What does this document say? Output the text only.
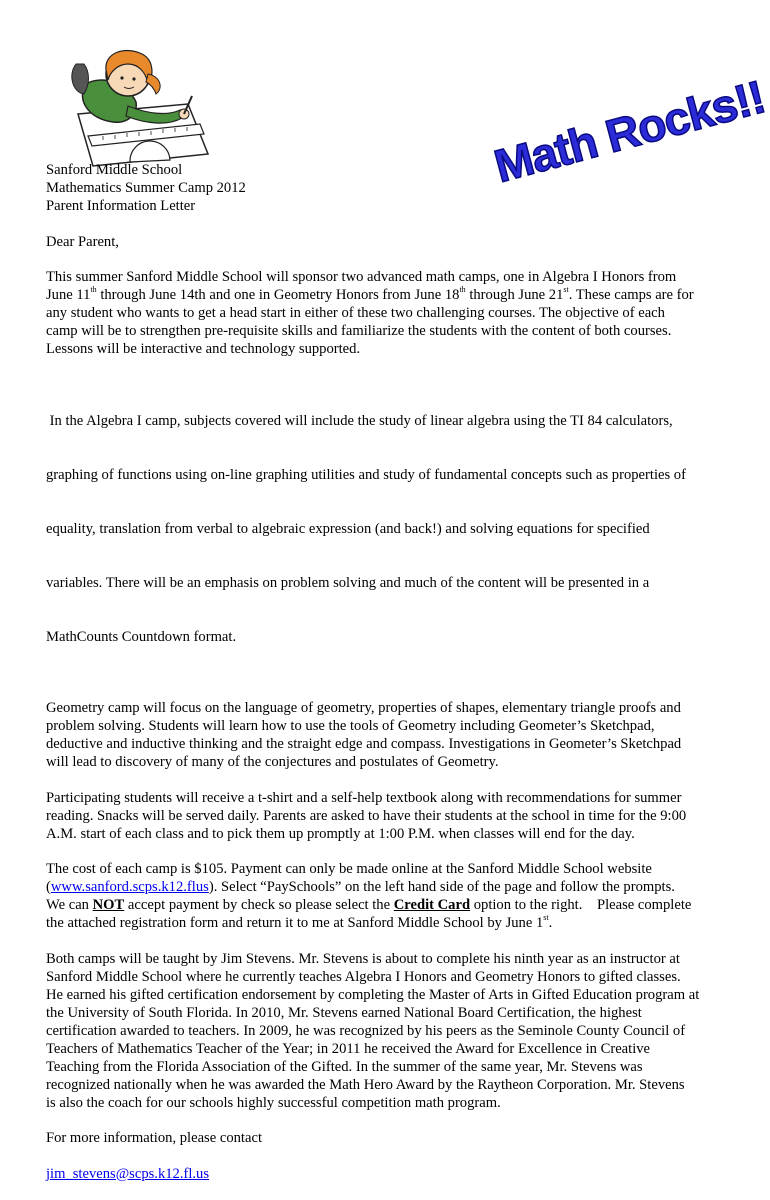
Math Rocks!!

Sanford Middle School
Mathematics Summer Camp 2012
Parent Information Letter

Dear Parent,

This summer Sanford Middle School will sponsor two advanced math camps, one in Algebra I Honors from
June 11th through June 14th and one in Geometry Honors from June 18th through June 21st. These camps are for
any student who wants to get a head start in either of these two challenging courses. The objective of each
camp will be to strengthen pre-requisite skills and familiarize the students with the content of both courses.
Lessons will be interactive and technology supported.

In the Algebra I camp, subjects covered will include the study of linear algebra using the TI 84 calculators,

graphing of functions using on-line graphing utilities and study of fundamental concepts such as properties of

equality, translation from verbal to algebraic expression (and back!) and solving equations for specified

variables. There will be an emphasis on problem solving and much of the content will be presented in a

MathCounts Countdown format.

Geometry camp will focus on the language of geometry, properties of shapes, elementary triangle proofs and
problem solving. Students will learn how to use the tools of Geometry including Geometer’s Sketchpad,
deductive and inductive thinking and the straight edge and compass. Investigations in Geometer’s Sketchpad
will lead to discovery of many of the conjectures and postulates of Geometry.

Participating students will receive a t-shirt and a self-help textbook along with recommendations for summer
reading. Snacks will be served daily. Parents are asked to have their students at the school in time for the 9:00
A.M. start of each class and to pick them up promptly at 1:00 P.M. when classes will end for the day.

The cost of each camp is $105. Payment can only be made online at the Sanford Middle School website
(www.sanford.scps.k12.flus). Select “PaySchools” on the left hand side of the page and follow the prompts.
We can NOT accept payment by check so please select the Credit Card option to the right.    Please complete
the attached registration form and return it to me at Sanford Middle School by June 1st.

Both camps will be taught by Jim Stevens. Mr. Stevens is about to complete his ninth year as an instructor at
Sanford Middle School where he currently teaches Algebra I Honors and Geometry Honors to gifted classes.
He earned his gifted certification endorsement by completing the Master of Arts in Gifted Education program at
the University of South Florida. In 2010, Mr. Stevens earned National Board Certification, the highest
certification awarded to teachers. In 2009, he was recognized by his peers as the Seminole County Council of
Teachers of Mathematics Teacher of the Year; in 2011 he received the Award for Excellence in Creative
Teaching from the Florida Association of the Gifted. In the summer of the same year, Mr. Stevens was
recognized nationally when he was awarded the Math Hero Award by the Raytheon Corporation. Mr. Stevens
is also the coach for our schools highly successful competition math program.

For more information, please contact

jim_stevens@scps.k12.fl.us
